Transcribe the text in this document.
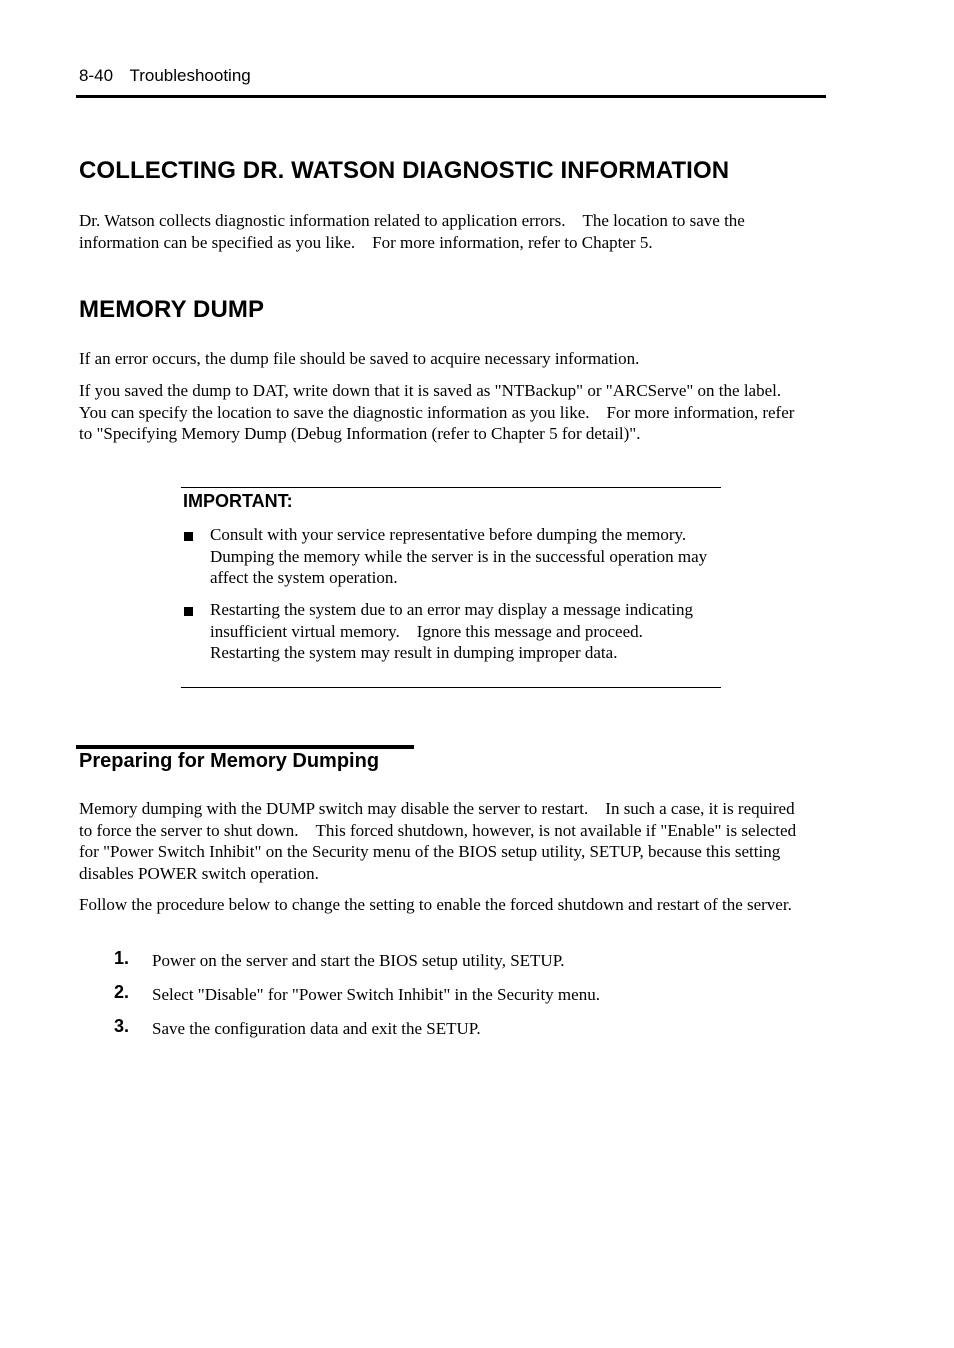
8-40 Troubleshooting
COLLECTING DR. WATSON DIAGNOSTIC INFORMATION

Dr. Watson collects diagnostic information related to application errors. The location to save the information can be specified as you like. For more information, refer to Chapter 5.

MEMORY DUMP

If an error occurs, the dump file should be saved to acquire necessary information.

If you saved the dump to DAT, write down that it is saved as "NTBackup" or "ARCServe" on the label. You can specify the location to save the diagnostic information as you like. For more information, refer to "Specifying Memory Dump (Debug Information (refer to Chapter 5 for detail)".

IMPORTANT:
Consult with your service representative before dumping the memory. Dumping the memory while the server is in the successful operation may affect the system operation.
Restarting the system due to an error may display a message indicating insufficient virtual memory. Ignore this message and proceed. Restarting the system may result in dumping improper data.
Preparing for Memory Dumping

Memory dumping with the DUMP switch may disable the server to restart. In such a case, it is required to force the server to shut down. This forced shutdown, however, is not available if "Enable" is selected for "Power Switch Inhibit" on the Security menu of the BIOS setup utility, SETUP, because this setting disables POWER switch operation.

Follow the procedure below to change the setting to enable the forced shutdown and restart of the server.

1. Power on the server and start the BIOS setup utility, SETUP.
2. Select "Disable" for "Power Switch Inhibit" in the Security menu.
3. Save the configuration data and exit the SETUP.
